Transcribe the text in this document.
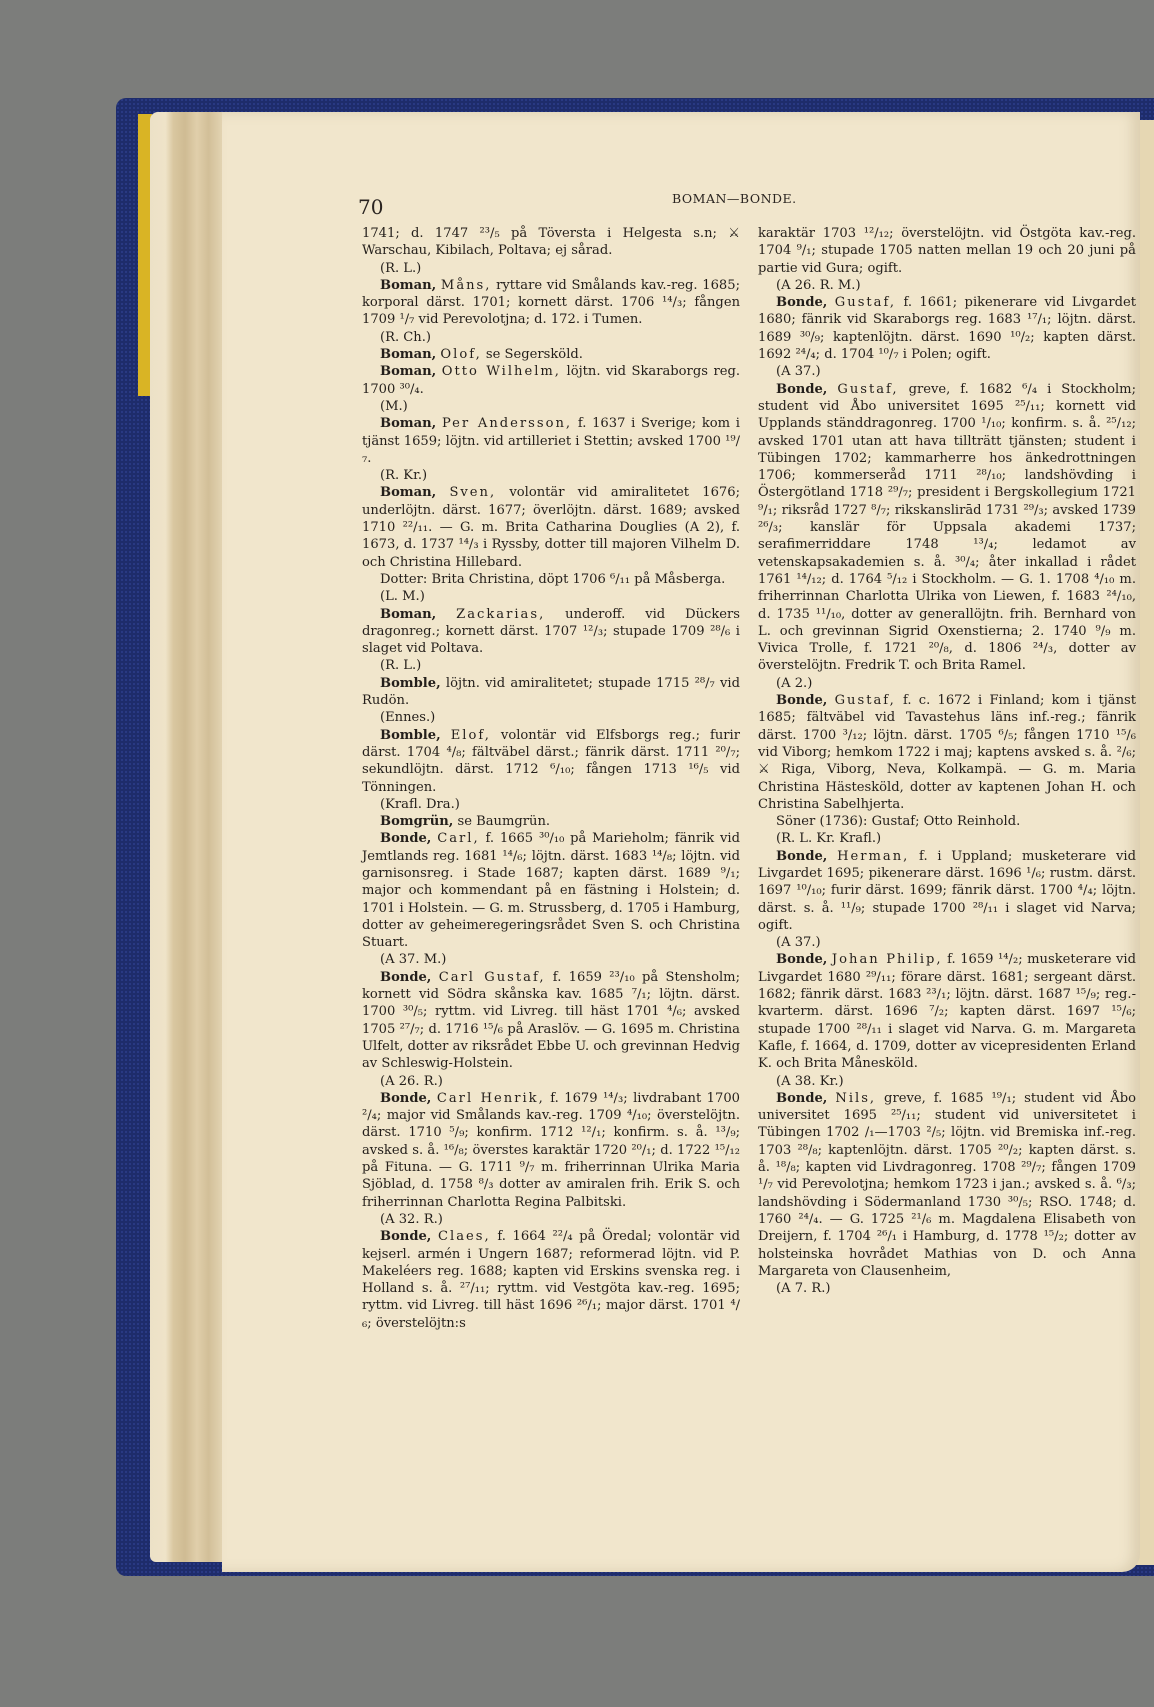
70	BOMAN—BONDE.

1741; d. 1747 ²³/₅ på Töversta i Helgesta s.n; ⚔ Warschau, Kibilach, Poltava; ej sårad.

(R. L.)

Boman, Måns, ryttare vid Smålands kav.-reg. 1685; korporal därst. 1701; kornett därst. 1706 ¹⁴/₃; fången 1709 ¹/₇ vid Perevolotjna; d. 172. i Tumen.

(R. Ch.)

Boman, Olof, se Segersköld.

Boman, Otto Wilhelm, löjtn. vid Skaraborgs reg. 1700 ³⁰/₄.

(M.)

Boman, Per Andersson, f. 1637 i Sverige; kom i tjänst 1659; löjtn. vid artilleriet i Stettin; avsked 1700 ¹⁹/₇.

(R. Kr.)

Boman, Sven, volontär vid amiralitetet 1676; underlöjtn. därst. 1677; överlöjtn. därst. 1689; avsked 1710 ²²/₁₁. — G. m. Brita Catharina Douglies (A 2), f. 1673, d. 1737 ¹⁴/₃ i Ryssby, dotter till majoren Vilhelm D. och Christina Hillebard.

Dotter: Brita Christina, döpt 1706 ⁶/₁₁ på Måsberga.

(L. M.)

Boman, Zackarias, underoff. vid Dückers dragonreg.; kornett därst. 1707 ¹²/₃; stupade 1709 ²⁸/₆ i slaget vid Poltava.

(R. L.)

Bomble, löjtn. vid amiralitetet; stupade 1715 ²⁸/₇ vid Rudön.

(Ennes.)

Bomble, Elof, volontär vid Elfsborgs reg.; furir därst. 1704 ⁴/₈; fältväbel därst.; fänrik därst. 1711 ²⁰/₇; sekundlöjtn. därst. 1712 ⁶/₁₀; fången 1713 ¹⁶/₅ vid Tönningen.

(Krafl. Dra.)

Bomgrün, se Baumgrün.

Bonde, Carl, f. 1665 ³⁰/₁₀ på Marieholm; fänrik vid Jemtlands reg. 1681 ¹⁴/₆; löjtn. därst. 1683 ¹⁴/₈; löjtn. vid garnisonsreg. i Stade 1687; kapten därst. 1689 ⁹/₁; major och kommendant på en fästning i Holstein; d. 1701 i Holstein. — G. m. Strussberg, d. 1705 i Hamburg, dotter av geheimeregeringsrådet Sven S. och Christina Stuart.

(A 37. M.)

Bonde, Carl Gustaf, f. 1659 ²³/₁₀ på Stensholm; kornett vid Södra skånska kav. 1685 ⁷/₁; löjtn. därst. 1700 ³⁰/₅; ryttm. vid Livreg. till häst 1701 ⁴/₆; avsked 1705 ²⁷/₇; d. 1716 ¹⁵/₆ på Araslöv. — G. 1695 m. Christina Ulfelt, dotter av riksrådet Ebbe U. och grevinnan Hedvig av Schleswig-Holstein.

(A 26. R.)

Bonde, Carl Henrik, f. 1679 ¹⁴/₃; livdrabant 1700 ²/₄; major vid Smålands kav.-reg. 1709 ⁴/₁₀; överstelöjtn. därst. 1710 ⁵/₉; konfirm. 1712 ¹²/₁; konfirm. s. å. ¹³/₉; avsked s. å. ¹⁶/₈; överstes karaktär 1720 ²⁰/₁; d. 1722 ¹⁵/₁₂ på Fituna. — G. 1711 ⁹/₇ m. friherrinnan Ulrika Maria Sjöblad, d. 1758 ⁸/₃ dotter av amiralen frih. Erik S. och friherrinnan Charlotta Regina Palbitski.

(A 32. R.)

Bonde, Claes, f. 1664 ²²/₄ på Öredal; volontär vid kejserl. armén i Ungern 1687; reformerad löjtn. vid P. Makeléers reg. 1688; kapten vid Erskins svenska reg. i Holland s. å. ²⁷/₁₁; ryttm. vid Vestgöta kav.-reg. 1695; ryttm. vid Livreg. till häst 1696 ²⁶/₁; major därst. 1701 ⁴/₆; överstelöjtn:s

karaktär 1703 ¹²/₁₂; överstelöjtn. vid Östgöta kav.-reg. 1704 ⁹/₁; stupade 1705 natten mellan 19 och 20 juni på partie vid Gura; ogift.

(A 26. R. M.)

Bonde, Gustaf, f. 1661; pikenerare vid Livgardet 1680; fänrik vid Skaraborgs reg. 1683 ¹⁷/₁; löjtn. därst. 1689 ³⁰/₉; kaptenlöjtn. därst. 1690 ¹⁰/₂; kapten därst. 1692 ²⁴/₄; d. 1704 ¹⁰/₇ i Polen; ogift.

(A 37.)

Bonde, Gustaf, greve, f. 1682 ⁶/₄ i Stockholm; student vid Åbo universitet 1695 ²⁵/₁₁; kornett vid Upplands ständdragonreg. 1700 ¹/₁₀; konfirm. s. å. ²⁵/₁₂; avsked 1701 utan att hava tillträtt tjänsten; student i Tübingen 1702; kammarherre hos änkedrottningen 1706; kommerseråd 1711 ²⁸/₁₀; landshövding i Östergötland 1718 ²⁹/₇; president i Bergskollegium 1721 ⁹/₁; riksråd 1727 ⁸/₇; rikskanslirād 1731 ²⁹/₃; avsked 1739 ²⁶/₃; kanslär för Uppsala akademi 1737; serafimerriddare 1748 ¹³/₄; ledamot av vetenskapsakademien s. å. ³⁰/₄; åter inkallad i rådet 1761 ¹⁴/₁₂; d. 1764 ⁵/₁₂ i Stockholm. — G. 1. 1708 ⁴/₁₀ m. friherrinnan Charlotta Ulrika von Liewen, f. 1683 ²⁴/₁₀, d. 1735 ¹¹/₁₀, dotter av generallöjtn. frih. Bernhard von L. och grevinnan Sigrid Oxenstierna; 2. 1740 ⁹/₉ m. Vivica Trolle, f. 1721 ²⁰/₈, d. 1806 ²⁴/₃, dotter av överstelöjtn. Fredrik T. och Brita Ramel.

(A 2.)

Bonde, Gustaf, f. c. 1672 i Finland; kom i tjänst 1685; fältväbel vid Tavastehus läns inf.-reg.; fänrik därst. 1700 ³/₁₂; löjtn. därst. 1705 ⁶/₅; fången 1710 ¹⁵/₆ vid Viborg; hemkom 1722 i maj; kaptens avsked s. å. ²/₆; ⚔ Riga, Viborg, Neva, Kolkampä. — G. m. Maria Christina Hästesköld, dotter av kaptenen Johan H. och Christina Sabelhjerta.

Söner (1736): Gustaf; Otto Reinhold.

(R. L. Kr. Krafl.)

Bonde, Herman, f. i Uppland; musketerare vid Livgardet 1695; pikenerare därst. 1696 ¹/₆; rustm. därst. 1697 ¹⁰/₁₀; furir därst. 1699; fänrik därst. 1700 ⁴/₄; löjtn. därst. s. å. ¹¹/₉; stupade 1700 ²⁸/₁₁ i slaget vid Narva; ogift.

(A 37.)

Bonde, Johan Philip, f. 1659 ¹⁴/₂; musketerare vid Livgardet 1680 ²⁹/₁₁; förare därst. 1681; sergeant därst. 1682; fänrik därst. 1683 ²³/₁; löjtn. därst. 1687 ¹⁵/₉; reg.-kvarterm. därst. 1696 ⁷/₂; kapten därst. 1697 ¹⁵/₆; stupade 1700 ²⁸/₁₁ i slaget vid Narva. G. m. Margareta Kafle, f. 1664, d. 1709, dotter av vicepresidenten Erland K. och Brita Månesköld.

(A 38. Kr.)

Bonde, Nils, greve, f. 1685 ¹⁹/₁; student vid Åbo universitet 1695 ²⁵/₁₁; student vid universitetet i Tübingen 1702 /₁—1703 ²/₅; löjtn. vid Bremiska inf.-reg. 1703 ²⁸/₈; kaptenlöjtn. därst. 1705 ²⁰/₂; kapten därst. s. å. ¹⁸/₈; kapten vid Livdragonreg. 1708 ²⁹/₇; fången 1709 ¹/₇ vid Perevolotjna; hemkom 1723 i jan.; avsked s. å. ⁶/₃; landshövding i Södermanland 1730 ³⁰/₅; RSO. 1748; d. 1760 ²⁴/₄. — G. 1725 ²¹/₆ m. Magdalena Elisabeth von Dreijern, f. 1704 ²⁶/₁ i Hamburg, d. 1778 ¹⁵/₂; dotter av holsteinska hovrådet Mathias von D. och Anna Margareta von Clausenheim,

(A 7. R.)
